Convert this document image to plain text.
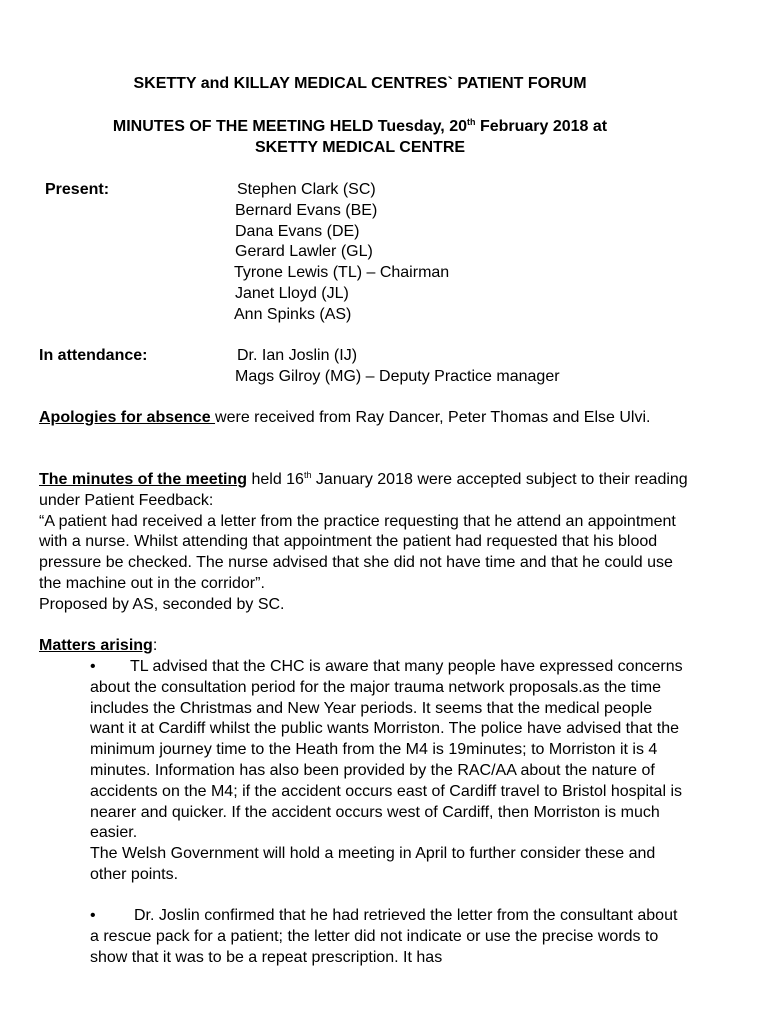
SKETTY and KILLAY MEDICAL CENTRES` PATIENT FORUM
MINUTES OF THE MEETING HELD Tuesday, 20th February 2018 at
SKETTY MEDICAL CENTRE
Present:	Stephen Clark (SC)
Bernard Evans (BE)
Dana Evans (DE)
Gerard Lawler (GL)
Tyrone Lewis (TL) – Chairman
Janet Lloyd (JL)
Ann Spinks (AS)
In attendance:	Dr. Ian Joslin (IJ)
Mags Gilroy (MG) – Deputy Practice manager
Apologies for absence were received from Ray Dancer, Peter Thomas and Else Ulvi.
The minutes of the meeting held 16th January 2018 were accepted subject to their reading under Patient Feedback:
“A patient had received a letter from the practice requesting that he attend an appointment with a nurse. Whilst attending that appointment the patient had requested that his blood pressure be checked. The nurse advised that she did not have time and that he could use the machine out in the corridor”.
Proposed by AS, seconded by SC.
Matters arising:
• TL advised that the CHC is aware that many people have expressed concerns about the consultation period for the major trauma network proposals.as the time includes the Christmas and New Year periods. It seems that the medical people want it at Cardiff whilst the public wants Morriston. The police have advised that the minimum journey time to the Heath from the M4 is 19minutes; to Morriston it is 4 minutes. Information has also been provided by the RAC/AA about the nature of accidents on the M4; if the accident occurs east of Cardiff travel to Bristol hospital is nearer and quicker. If the accident occurs west of Cardiff, then Morriston is much easier.
The Welsh Government will hold a meeting in April to further consider these and other points.
• Dr. Joslin confirmed that he had retrieved the letter from the consultant about a rescue pack for a patient; the letter did not indicate or use the precise words to show that it was to be a repeat prescription. It has
